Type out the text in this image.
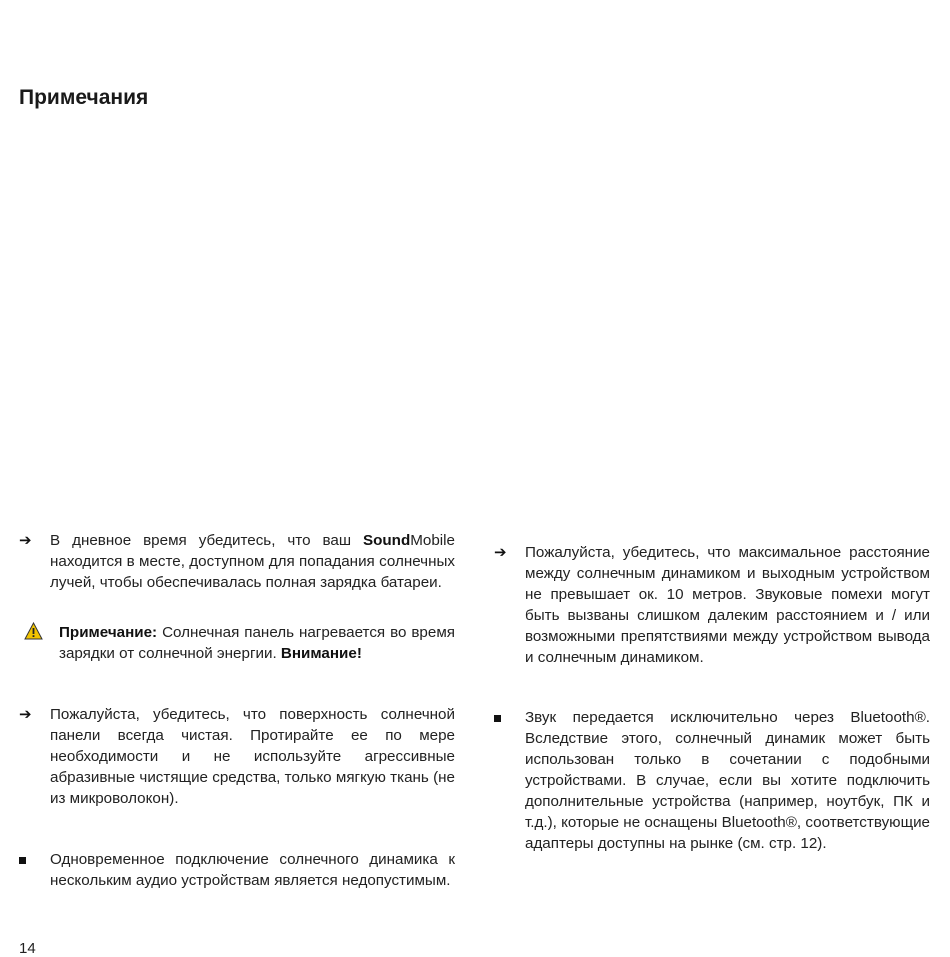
Примечания
➔ В дневное время убедитесь, что ваш SoundMobile находится в месте, доступном для попадания солнечных лучей, чтобы обеспечивалась полная зарядка батареи.
Примечание: Солнечная панель нагревается во время зарядки от солнечной энергии. Внимание!
➔ Пожалуйста, убедитесь, что поверхность солнечной панели всегда чистая. Протирайте ее по мере необходимости и не используйте агрессивные абразивные чистящие средства, только мягкую ткань (не из микроволокон).
Одновременное подключение солнечного динамика к нескольким аудио устройствам является недопустимым.
➔ Пожалуйста, убедитесь, что максимальное расстояние между солнечным динамиком и выходным устройством не превышает ок. 10 метров. Звуковые помехи могут быть вызваны слишком далеким расстоянием и / или возможными препятствиями между устройством вывода и солнечным динамиком.
Звук передается исключительно через Bluetooth®. Вследствие этого, солнечный динамик может быть использован только в сочетании с подобными устройствами. В случае, если вы хотите подключить дополнительные устройства (например, ноутбук, ПК и т.д.), которые не оснащены Bluetooth®, соответствующие адаптеры доступны на рынке (см. стр. 12).
14
